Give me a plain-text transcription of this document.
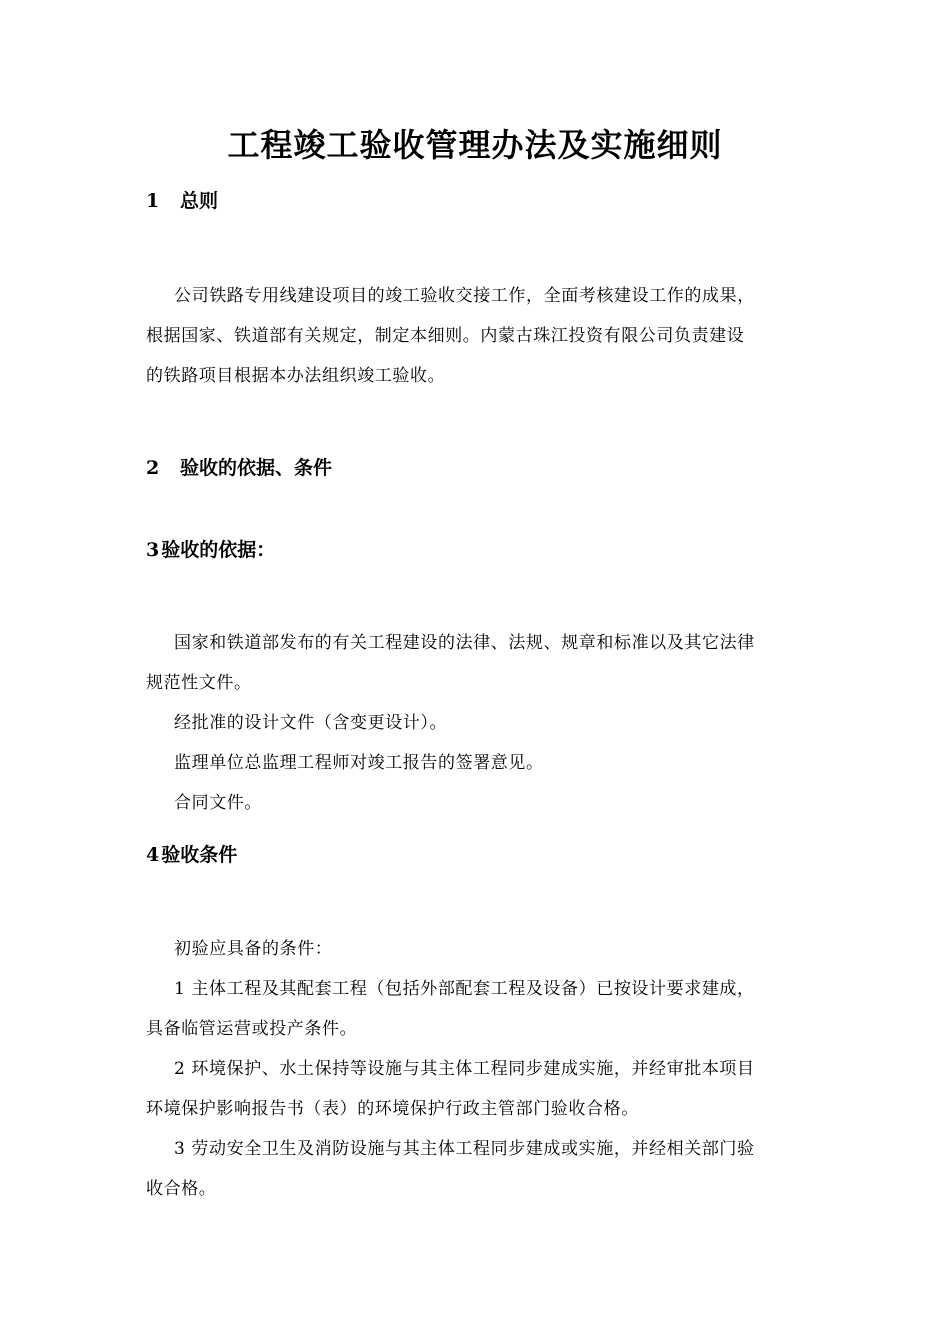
工程竣工验收管理办法及实施细则
1 总则
公司铁路专用线建设项目的竣工验收交接工作，全面考核建设工作的成果，
根据国家、铁道部有关规定，制定本细则。内蒙古珠江投资有限公司负责建设
的铁路项目根据本办法组织竣工验收。
2 验收的依据、条件
3 验收的依据：
国家和铁道部发布的有关工程建设的法律、法规、规章和标准以及其它法律
规范性文件。
经批准的设计文件（含变更设计）。
监理单位总监理工程师对竣工报告的签署意见。
合同文件。
4 验收条件
初验应具备的条件：
1 主体工程及其配套工程（包括外部配套工程及设备）已按设计要求建成，
具备临管运营或投产条件。
2 环境保护、水土保持等设施与其主体工程同步建成实施，并经审批本项目
环境保护影响报告书（表）的环境保护行政主管部门验收合格。
3 劳动安全卫生及消防设施与其主体工程同步建成或实施，并经相关部门验
收合格。
